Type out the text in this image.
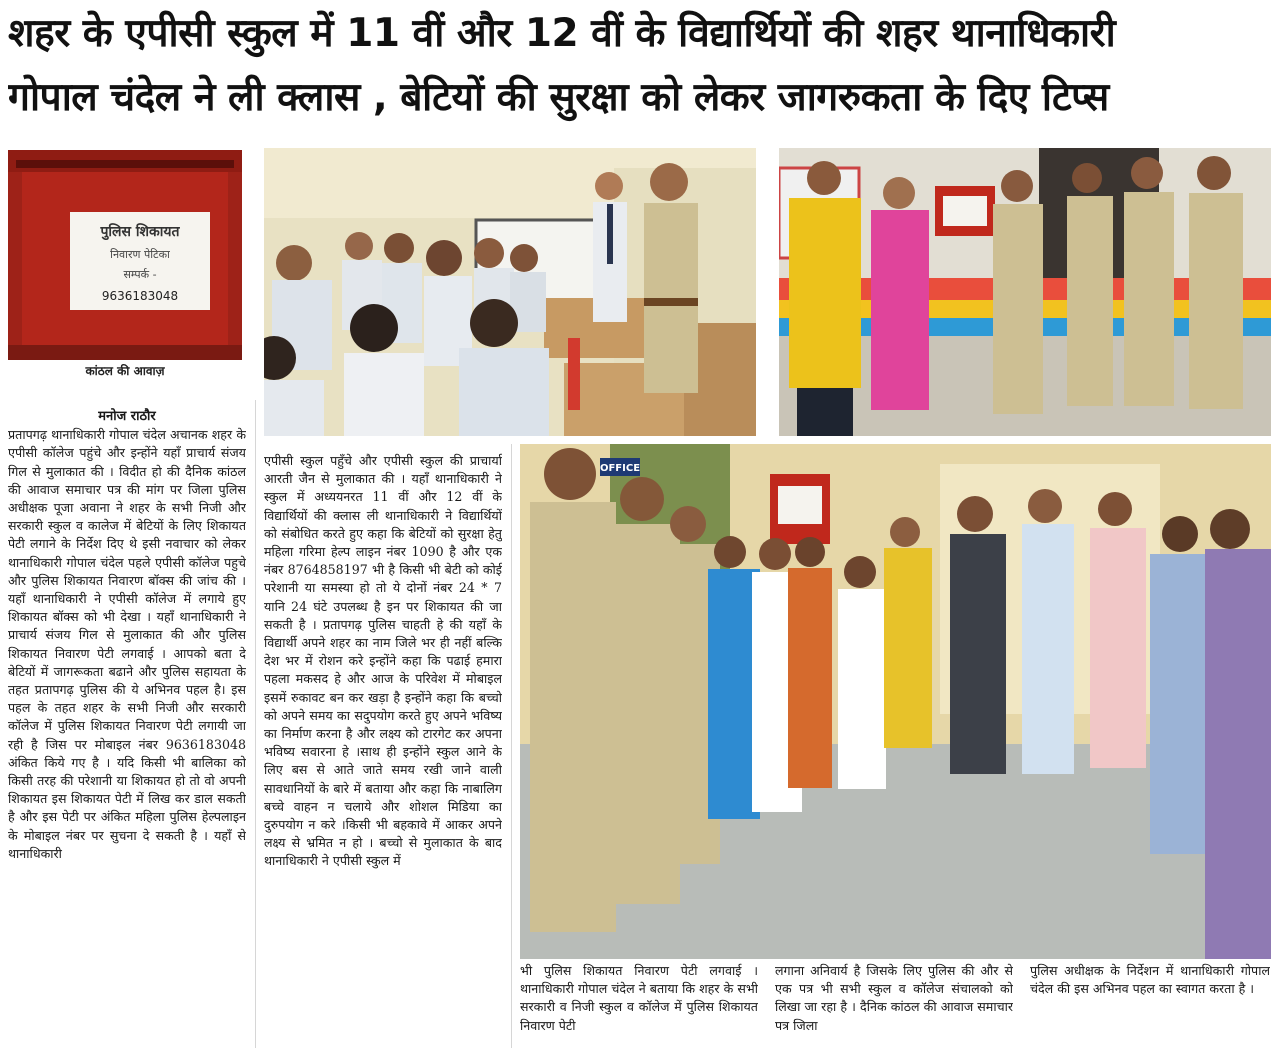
शहर के एपीसी स्कुल में 11 वीं और 12 वीं के विद्यार्थियों की शहर थानाधिकारी
गोपाल चंदेल ने ली क्लास , बेटियों की सुरक्षा को लेकर जागरुकता के दिए टिप्स
पुलिस शिकायत
निवारण पेटिका
सम्पर्क -
9636183048
कांठल की आवाज़
OFFICE
मनोज राठौर

प्रतापगढ़ थानाधिकारी गोपाल चंदेल अचानक शहर के एपीसी कॉलेज पहुंचे और इन्होंने यहाँ प्राचार्य संजय गिल से मुलाकात की । विदीत हो की दैनिक कांठल की आवाज समाचार पत्र की मांग पर जिला पुलिस अधीक्षक पूजा अवाना ने शहर के सभी निजी और सरकारी स्कुल व कालेज में बेटियों के लिए शिकायत पेटी लगाने के निर्देश दिए थे इसी नवाचार को लेकर थानाधिकारी गोपाल चंदेल पहले एपीसी कॉलेज पहुचे और पुलिस शिकायत निवारण बॉक्स की जांच की । यहाँ थानाधिकारी ने एपीसी कॉलेज में लगाये हुए शिकायत बॉक्स को भी देखा । यहाँ थानाधिकारी ने प्राचार्य संजय गिल से मुलाकात की और पुलिस शिकायत निवारण पेटी लगवाई । आपको बता दे बेटियों में जागरूकता बढाने और पुलिस सहायता के तहत प्रतापगढ़ पुलिस की ये अभिनव पहल है। इस पहल के तहत शहर के सभी निजी और सरकारी कॉलेज में पुलिस शिकायत निवारण पेटी लगायी जा रही है जिस पर मोबाइल नंबर 9636183048 अंकित किये गए है । यदि किसी भी बालिका को किसी तरह की परेशानी या शिकायत हो तो वो अपनी शिकायत इस शिकायत पेटी में लिख कर डाल सकती है और इस पेटी पर अंकित महिला पुलिस हेल्पलाइन के मोबाइल नंबर पर सुचना दे सकती है । यहाँ से थानाधिकारी

एपीसी स्कुल पहुँचे और एपीसी स्कुल की प्राचार्या आरती जैन से मुलाकात की । यहाँ थानाधिकारी ने स्कुल में अध्ययनरत 11 वीं और 12 वीं के विद्यार्थियों की क्लास ली थानाधिकारी ने विद्यार्थियों को संबोधित करते हुए कहा कि बेटियों को सुरक्षा हेतु महिला गरिमा हेल्प लाइन नंबर 1090 है और एक नंबर 8764858197 भी है किसी भी बेटी को कोई परेशानी या समस्या हो तो ये दोनों नंबर 24 * 7 यानि 24 घंटे उपलब्ध है इन पर शिकायत की जा सकती है । प्रतापगढ़ पुलिस चाहती हे की यहाँ के विद्यार्थी अपने शहर का नाम जिले भर ही नहीं बल्कि देश भर में रोशन करे इन्होंने कहा कि पढाई हमारा पहला मकसद हे और आज के परिवेश में मोबाइल इसमें रुकावट बन कर खड़ा है इन्होंने कहा कि बच्चो को अपने समय का सदुपयोग करते हुए अपने भविष्य का निर्माण करना है और लक्ष्य को टारगेट कर अपना भविष्य सवारना हे ।साथ ही इन्होंने स्कुल आने के लिए बस से आते जाते समय रखी जाने वाली सावधानियों के बारे में बताया और कहा कि नाबालिग बच्चे वाहन न चलाये और शोशल मिडिया का दुरुपयोग न करे ।किसी भी बहकावे में आकर अपने लक्ष्य से भ्रमित न हो । बच्चो से मुलाकात के बाद थानाधिकारी ने एपीसी स्कुल में

भी पुलिस शिकायत निवारण पेटी लगवाई । थानाधिकारी गोपाल चंदेल ने बताया कि शहर के सभी सरकारी व निजी स्कुल व कॉलेज में पुलिस शिकायत निवारण पेटी

लगाना अनिवार्य है जिसके लिए पुलिस की और से एक पत्र भी सभी स्कुल व कॉलेज संचालको को लिखा जा रहा है । दैनिक कांठल की आवाज समाचार पत्र जिला

पुलिस अधीक्षक के निर्देशन में थानाधिकारी गोपाल चंदेल की इस अभिनव पहल का स्वागत करता है ।
